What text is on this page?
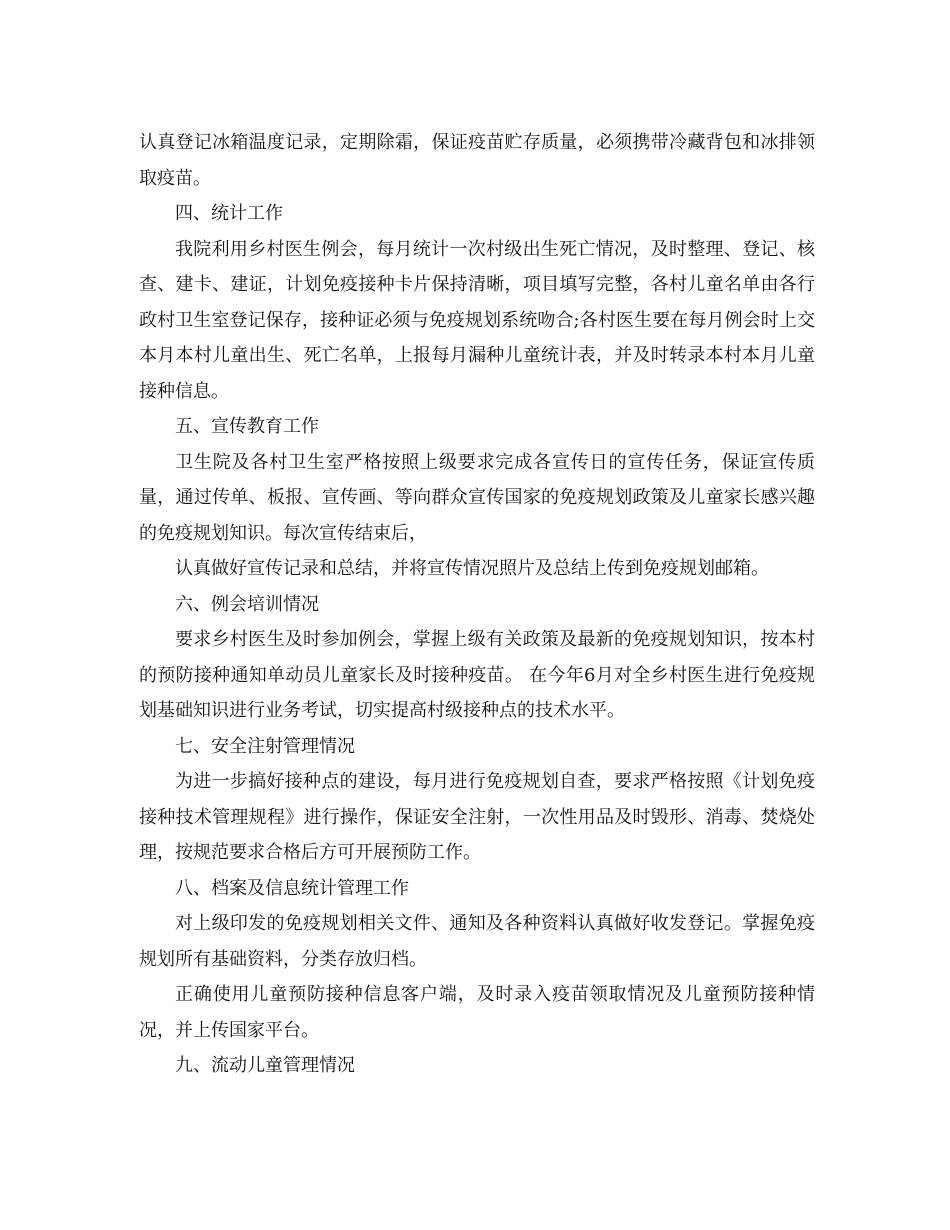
认真登记冰箱温度记录，定期除霜，保证疫苗贮存质量，必须携带冷藏背包和冰排领取疫苗。

四、统计工作

我院利用乡村医生例会，每月统计一次村级出生死亡情况，及时整理、登记、核查、建卡、建证，计划免疫接种卡片保持清晰，项目填写完整，各村儿童名单由各行政村卫生室登记保存，接种证必须与免疫规划系统吻合;各村医生要在每月例会时上交本月本村儿童出生、死亡名单，上报每月漏种儿童统计表，并及时转录本村本月儿童接种信息。

五、宣传教育工作

卫生院及各村卫生室严格按照上级要求完成各宣传日的宣传任务，保证宣传质量，通过传单、板报、宣传画、等向群众宣传国家的免疫规划政策及儿童家长感兴趣的免疫规划知识。每次宣传结束后，

认真做好宣传记录和总结，并将宣传情况照片及总结上传到免疫规划邮箱。

六、例会培训情况

要求乡村医生及时参加例会，掌握上级有关政策及最新的免疫规划知识，按本村的预防接种通知单动员儿童家长及时接种疫苗。 在今年6月对全乡村医生进行免疫规划基础知识进行业务考试，切实提高村级接种点的技术水平。

七、安全注射管理情况

为进一步搞好接种点的建设，每月进行免疫规划自查，要求严格按照《计划免疫接种技术管理规程》进行操作，保证安全注射，一次性用品及时毁形、消毒、焚烧处理，按规范要求合格后方可开展预防工作。

八、档案及信息统计管理工作

对上级印发的免疫规划相关文件、通知及各种资料认真做好收发登记。掌握免疫规划所有基础资料，分类存放归档。

正确使用儿童预防接种信息客户端，及时录入疫苗领取情况及儿童预防接种情况，并上传国家平台。

九、流动儿童管理情况
